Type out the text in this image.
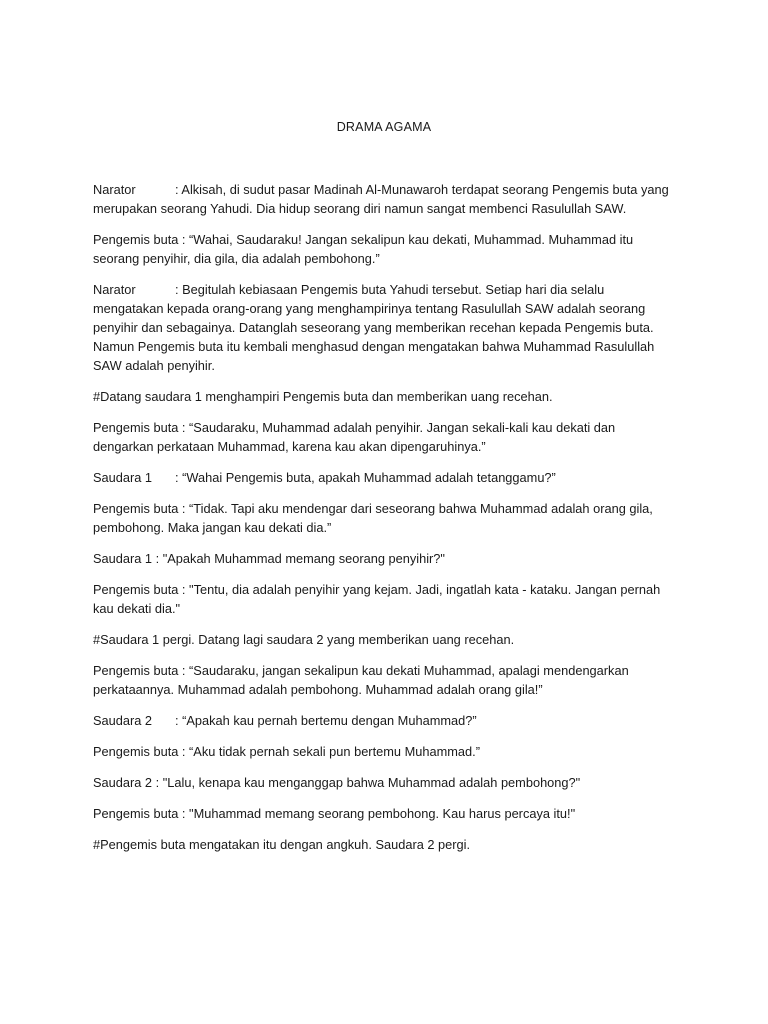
DRAMA AGAMA

Narator	: Alkisah, di sudut pasar Madinah Al-Munawaroh terdapat seorang Pengemis buta yang merupakan seorang Yahudi. Dia hidup seorang diri namun sangat membenci Rasulullah SAW.

Pengemis buta : “Wahai, Saudaraku! Jangan sekalipun kau dekati, Muhammad. Muhammad itu seorang penyihir, dia gila, dia adalah pembohong.”

Narator	: Begitulah kebiasaan Pengemis buta Yahudi tersebut. Setiap hari dia selalu mengatakan kepada orang-orang yang menghampirinya tentang Rasulullah SAW adalah seorang penyihir dan sebagainya. Datanglah seseorang yang memberikan recehan kepada Pengemis buta. Namun Pengemis buta itu kembali menghasud dengan mengatakan bahwa Muhammad Rasulullah SAW adalah penyihir.

#Datang saudara 1 menghampiri Pengemis buta dan memberikan uang recehan.

Pengemis buta : “Saudaraku, Muhammad adalah penyihir. Jangan sekali-kali kau dekati dan dengarkan perkataan Muhammad, karena kau akan dipengaruhinya.”

Saudara 1 : “Wahai Pengemis buta, apakah Muhammad adalah tetanggamu?”

Pengemis buta : “Tidak. Tapi aku mendengar dari seseorang bahwa Muhammad adalah orang gila, pembohong. Maka jangan kau dekati dia.”

Saudara 1 : "Apakah Muhammad memang seorang penyihir?"

Pengemis buta : "Tentu, dia adalah penyihir yang kejam. Jadi, ingatlah kata - kataku. Jangan pernah kau dekati dia."

#Saudara 1 pergi. Datang lagi saudara 2 yang memberikan uang recehan.

Pengemis buta : “Saudaraku, jangan sekalipun kau dekati Muhammad, apalagi mendengarkan perkataannya. Muhammad adalah pembohong. Muhammad adalah orang gila!”

Saudara 2 : “Apakah kau pernah bertemu dengan Muhammad?”

Pengemis buta : “Aku tidak pernah sekali pun bertemu Muhammad.”

Saudara 2 : "Lalu, kenapa kau menganggap bahwa Muhammad adalah pembohong?"

Pengemis buta : "Muhammad memang seorang pembohong. Kau harus percaya itu!"

#Pengemis buta mengatakan itu dengan angkuh. Saudara 2 pergi.
